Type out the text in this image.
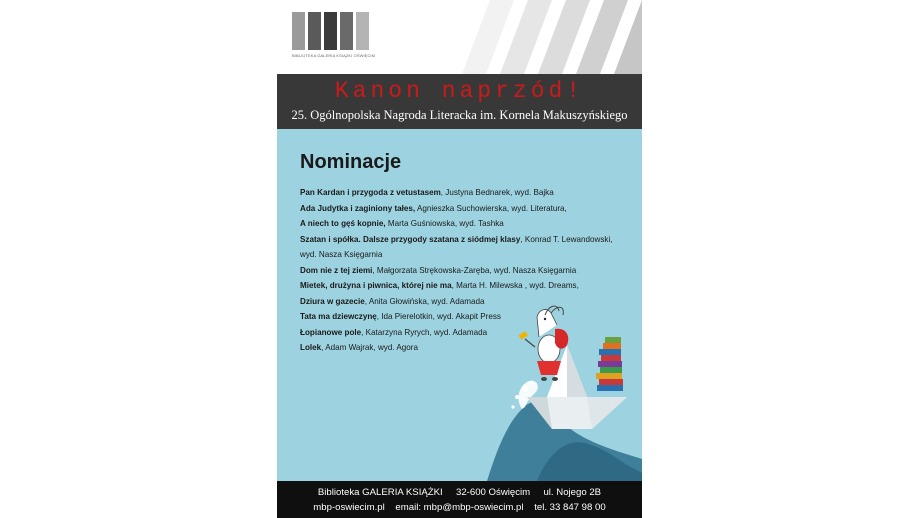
BIBLIOTEKA GALERIA KSIĄŻKI OŚWIĘCIM
Kanon naprzód!

25. Ogólnopolska Nagroda Literacka im. Kornela Makuszyńskiego

Nominacje
Pan Kardan i przygoda z vetustasem, Justyna Bednarek, wyd. Bajka
Ada Judytka i zaginiony tałes, Agnieszka Suchowierska, wyd. Literatura,
A niech to gęś kopnie, Marta Guśniowska, wyd. Tashka
Szatan i spółka. Dalsze przygody szatana z siódmej klasy, Konrad T. Lewandowski,
wyd. Nasza Księgarnia
Dom nie z tej ziemi, Małgorzata Strękowska-Zaręba, wyd. Nasza Księgarnia
Mietek, drużyna i piwnica, której nie ma, Marta H. Milewska , wyd. Dreams,
Dziura w gazecie, Anita Głowińska, wyd. Adamada
Tata ma dziewczynę, Ida Pierelotkin, wyd. Akapit Press
Łopianowe pole, Katarzyna Ryrych, wyd. Adamada
Lolek, Adam Wajrak, wyd. Agora
Biblioteka GALERIA KSIĄŻKI 32-600 Oświęcim ul. Nojego 2B
mbp-oswiecim.pl email: mbp@mbp-oswiecim.pl tel. 33 847 98 00
